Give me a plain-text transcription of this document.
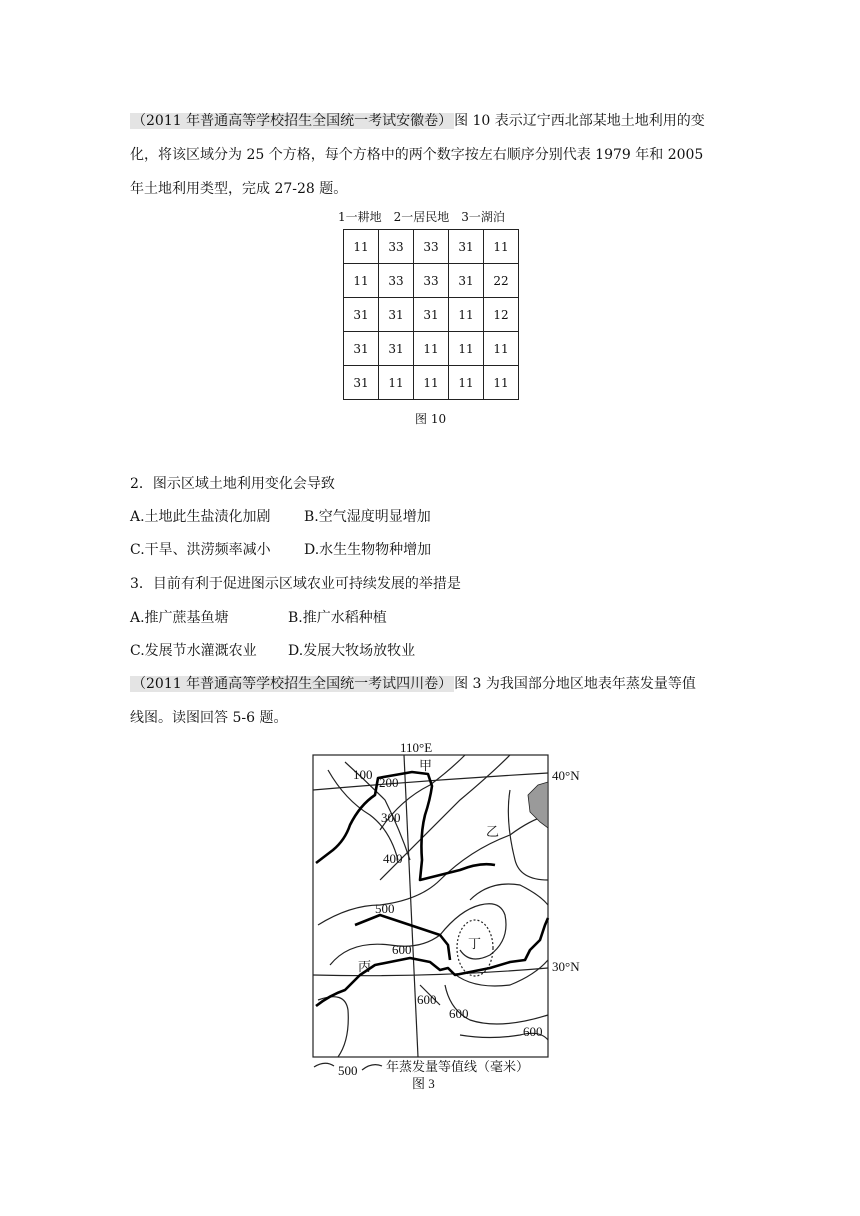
（2011 年普通高等学校招生全国统一考试安徽卷） 图 10 表示辽宁西北部某地土地利用的变
化，将该区域分为 25 个方格，每个方格中的两个数字按左右顺序分别代表 1979 年和 2005
年土地利用类型，完成 27-28 题。
1一耕地　2一居民地　3一湖泊
11	33	33	31	11
11	33	33	31	22
31	31	31	11	12
31	31	11	11	11
31	11	11	11	11
图 10
2．图示区域土地利用变化会导致
A.土地此生盐渍化加剧 B.空气湿度明显增加
C.干旱、洪涝频率减小 D.水生生物物种增加
3．目前有利于促进图示区域农业可持续发展的举措是
A.推广蔗基鱼塘	B.推广水稻种植
C.发展节水灌溉农业 D.发展大牧场放牧业
（2011 年普通高等学校招生全国统一考试四川卷） 图 3 为我国部分地区地表年蒸发量等值
线图。读图回答 5-6 题。
110°E
40°N
30°N
100
200
300
400
500
600
600
600
600
甲
乙
丙
丁
500 年蒸发量等值线（毫米）
图 3
